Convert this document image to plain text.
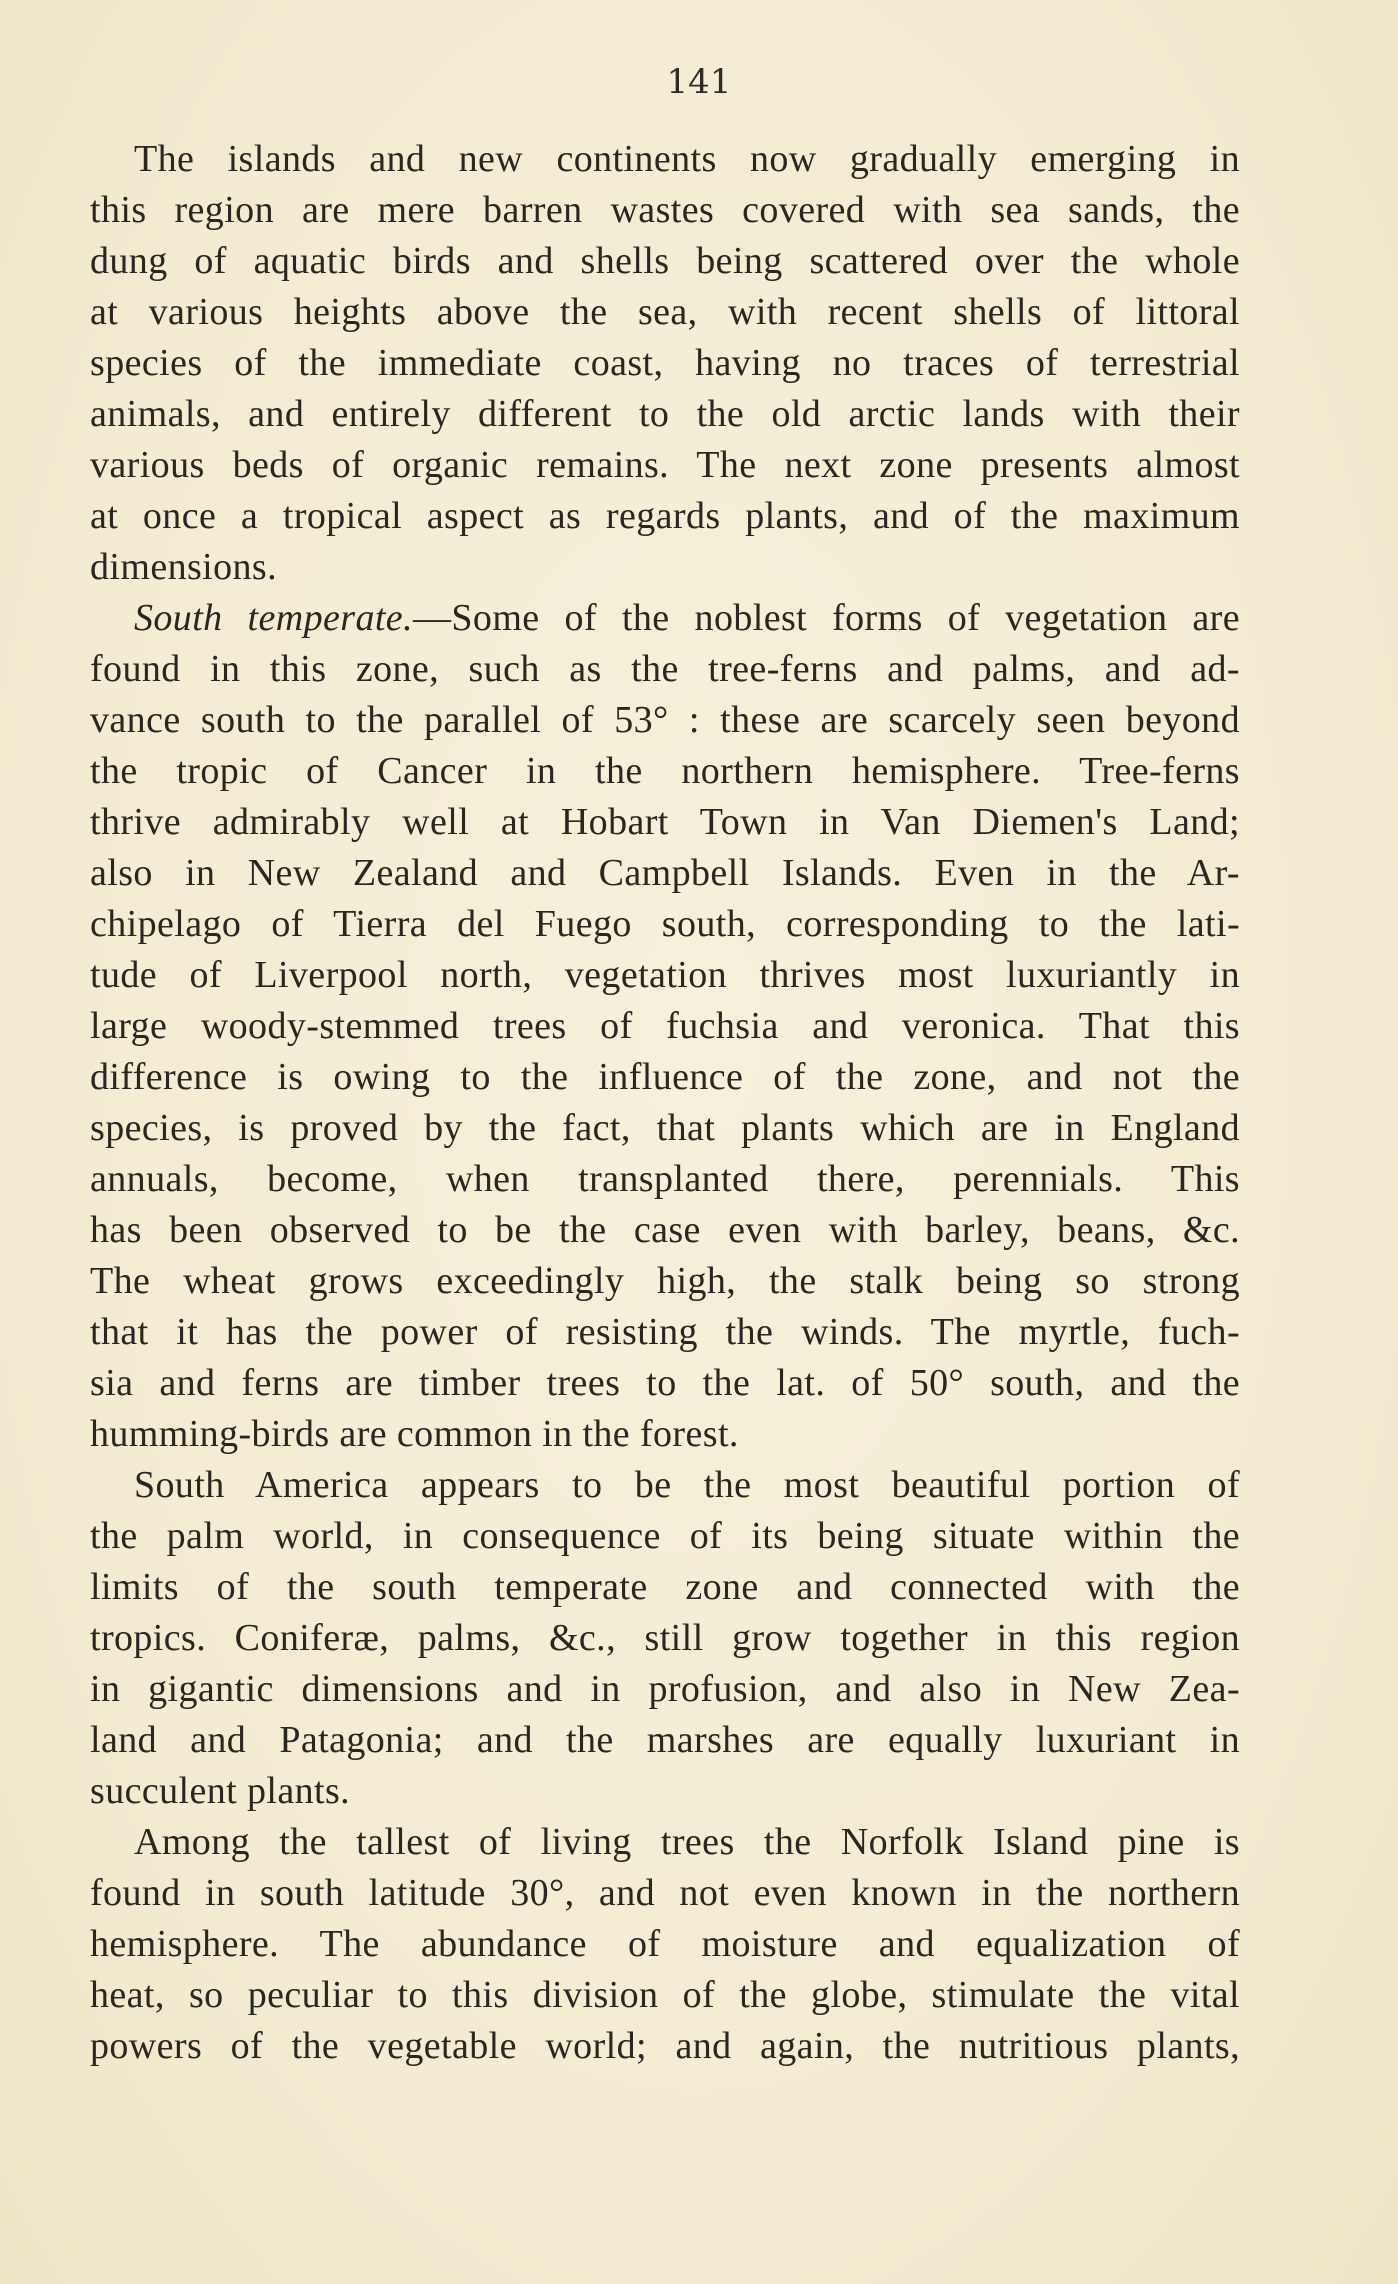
141

The islands and new continents now gradually emerging in
this region are mere barren wastes covered with sea sands, the
dung of aquatic birds and shells being scattered over the whole
at various heights above the sea, with recent shells of littoral
species of the immediate coast, having no traces of terrestrial
animals, and entirely different to the old arctic lands with their
various beds of organic remains. The next zone presents almost
at once a tropical aspect as regards plants, and of the maximum
dimensions.
South temperate.—Some of the noblest forms of vegetation are
found in this zone, such as the tree-ferns and palms, and ad-
vance south to the parallel of 53° : these are scarcely seen beyond
the tropic of Cancer in the northern hemisphere. Tree-ferns
thrive admirably well at Hobart Town in Van Diemen's Land;
also in New Zealand and Campbell Islands. Even in the Ar-
chipelago of Tierra del Fuego south, corresponding to the lati-
tude of Liverpool north, vegetation thrives most luxuriantly in
large woody-stemmed trees of fuchsia and veronica. That this
difference is owing to the influence of the zone, and not the
species, is proved by the fact, that plants which are in England
annuals, become, when transplanted there, perennials. This
has been observed to be the case even with barley, beans, &c.
The wheat grows exceedingly high, the stalk being so strong
that it has the power of resisting the winds. The myrtle, fuch-
sia and ferns are timber trees to the lat. of 50° south, and the
humming-birds are common in the forest.
South America appears to be the most beautiful portion of
the palm world, in consequence of its being situate within the
limits of the south temperate zone and connected with the
tropics. Coniferæ, palms, &c., still grow together in this region
in gigantic dimensions and in profusion, and also in New Zea-
land and Patagonia; and the marshes are equally luxuriant in
succulent plants.
Among the tallest of living trees the Norfolk Island pine is
found in south latitude 30°, and not even known in the northern
hemisphere. The abundance of moisture and equalization of
heat, so peculiar to this division of the globe, stimulate the vital
powers of the vegetable world; and again, the nutritious plants,
